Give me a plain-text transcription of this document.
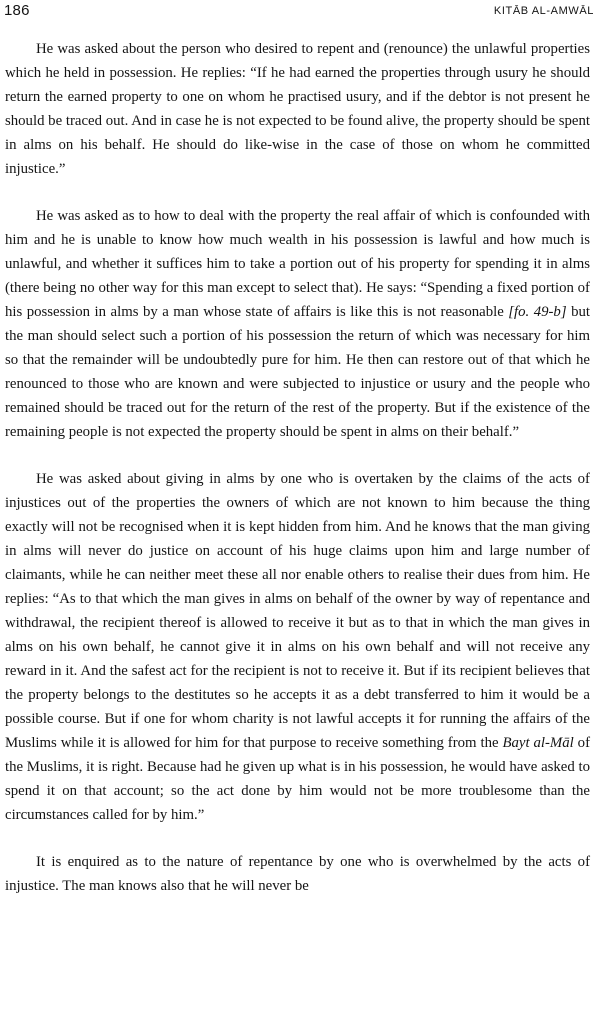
186	KITĀB AL-AMWĀL

He was asked about the person who desired to repent and (renounce) the unlawful properties which he held in possession. He replies: “If he had earned the properties through usury he should return the earned property to one on whom he practised usury, and if the debtor is not present he should be traced out. And in case he is not expected to be found alive, the property should be spent in alms on his behalf. He should do like-wise in the case of those on whom he committed injustice.”

He was asked as to how to deal with the property the real affair of which is confounded with him and he is unable to know how much wealth in his possession is lawful and how much is unlawful, and whether it suffices him to take a portion out of his property for spending it in alms (there being no other way for this man except to select that). He says: “Spending a fixed portion of his possession in alms by a man whose state of affairs is like this is not reasonable [fo. 49-b] but the man should select such a portion of his possession the return of which was necessary for him so that the remainder will be undoubtedly pure for him. He then can restore out of that which he renounced to those who are known and were subjected to injustice or usury and the people who remained should be traced out for the return of the rest of the property. But if the existence of the remaining people is not expected the property should be spent in alms on their behalf.”

He was asked about giving in alms by one who is overtaken by the claims of the acts of injustices out of the properties the owners of which are not known to him because the thing exactly will not be recognised when it is kept hidden from him. And he knows that the man giving in alms will never do justice on account of his huge claims upon him and large number of claimants, while he can neither meet these all nor enable others to realise their dues from him. He replies: “As to that which the man gives in alms on behalf of the owner by way of repentance and withdrawal, the recipient thereof is allowed to receive it but as to that in which the man gives in alms on his own behalf, he cannot give it in alms on his own behalf and will not receive any reward in it. And the safest act for the recipient is not to receive it. But if its recipient believes that the property belongs to the destitutes so he accepts it as a debt transferred to him it would be a possible course. But if one for whom charity is not lawful accepts it for running the affairs of the Muslims while it is allowed for him for that purpose to receive something from the Bayt al-Māl of the Muslims, it is right. Because had he given up what is in his possession, he would have asked to spend it on that account; so the act done by him would not be more troublesome than the circumstances called for by him.”

It is enquired as to the nature of repentance by one who is overwhelmed by the acts of injustice. The man knows also that he will never be
